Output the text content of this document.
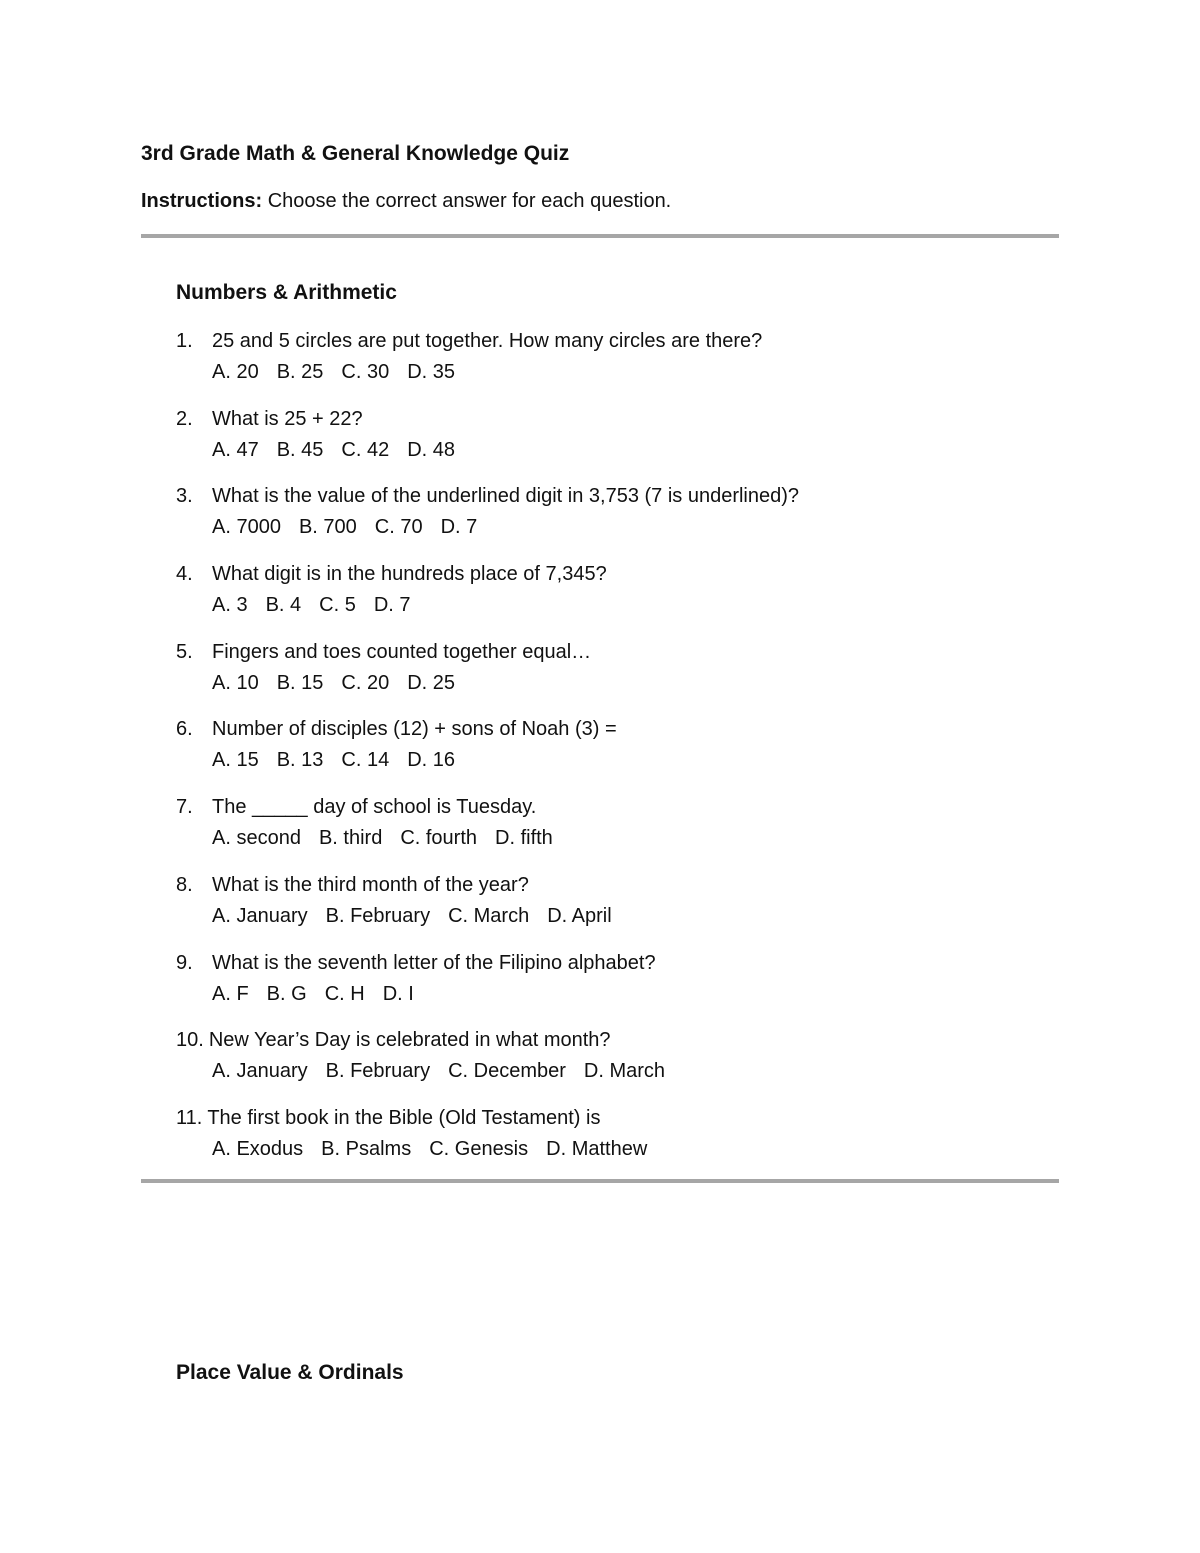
3rd Grade Math & General Knowledge Quiz
Instructions: Choose the correct answer for each question.
Numbers & Arithmetic
1. 25 and 5 circles are put together. How many circles are there?
A. 20 B. 25 C. 30 D. 35
2. What is 25 + 22?
A. 47 B. 45 C. 42 D. 48
3. What is the value of the underlined digit in 3,753 (7 is underlined)?
A. 7000 B. 700 C. 70 D. 7
4. What digit is in the hundreds place of 7,345?
A. 3 B. 4 C. 5 D. 7
5. Fingers and toes counted together equal…
A. 10 B. 15 C. 20 D. 25
6. Number of disciples (12) + sons of Noah (3) =
A. 15 B. 13 C. 14 D. 16
7. The _____ day of school is Tuesday.
A. second B. third C. fourth D. fifth
8. What is the third month of the year?
A. January B. February C. March D. April
9. What is the seventh letter of the Filipino alphabet?
A. F B. G C. H D. I
10. New Year’s Day is celebrated in what month?
A. January B. February C. December D. March
11. The first book in the Bible (Old Testament) is
A. Exodus B. Psalms C. Genesis D. Matthew
Place Value & Ordinals
